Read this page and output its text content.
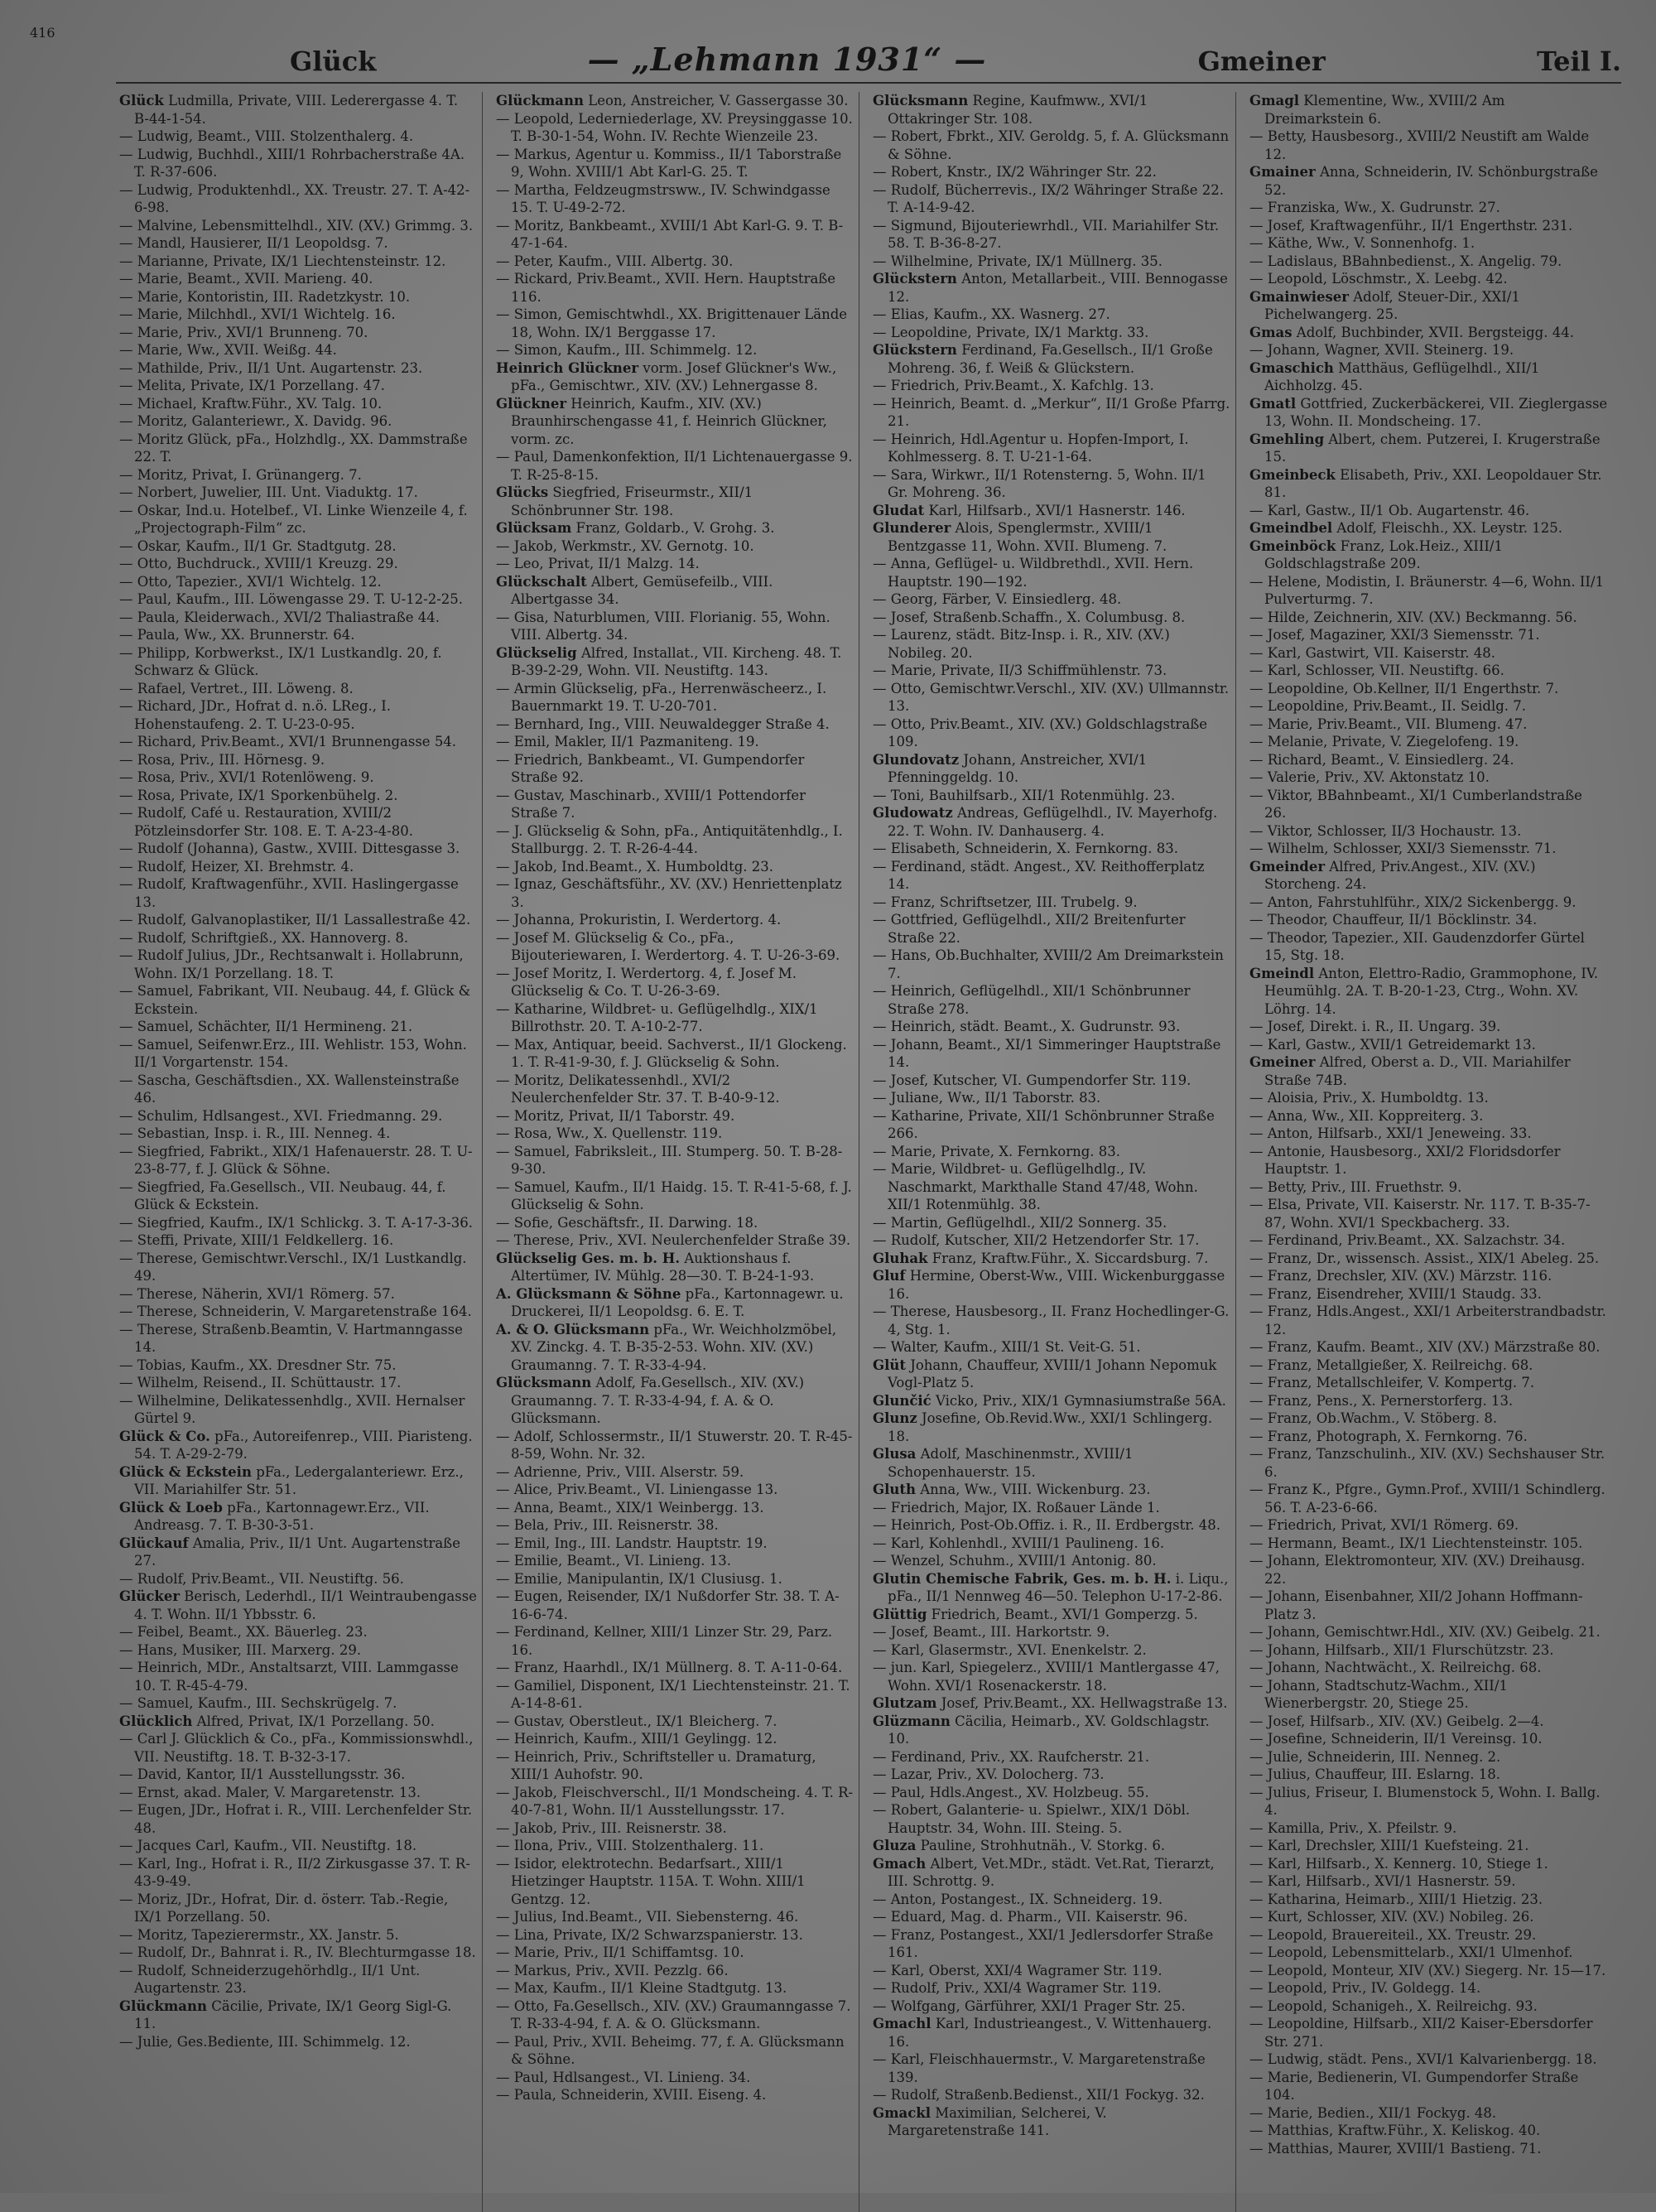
416
Glück	— „Lehmann 1931“ —	Gmeiner	Teil I.

Glück Ludmilla, Private, VIII. Lederergasse 4. T. B-44-1-54.

— Ludwig, Beamt., VIII. Stolzenthalerg. 4.

— Ludwig, Buchhdl., XIII/1 Rohrbacherstraße 4A. T. R-37-606.

— Ludwig, Produktenhdl., XX. Treustr. 27. T. A-42-6-98.

— Malvine, Lebensmittelhdl., XIV. (XV.) Grimmg. 3.

— Mandl, Hausierer, II/1 Leopoldsg. 7.

— Marianne, Private, IX/1 Liechtensteinstr. 12.

— Marie, Beamt., XVII. Marieng. 40.

— Marie, Kontoristin, III. Radetzkystr. 10.

— Marie, Milchhdl., XVI/1 Wichtelg. 16.

— Marie, Priv., XVI/1 Brunneng. 70.

— Marie, Ww., XVII. Weißg. 44.

— Mathilde, Priv., II/1 Unt. Augartenstr. 23.

— Melita, Private, IX/1 Porzellang. 47.

— Michael, Kraftw.Führ., XV. Talg. 10.

— Moritz, Galanteriewr., X. Davidg. 96.

— Moritz Glück, pFa., Holzhdlg., XX. Dammstraße 22. T.

— Moritz, Privat, I. Grünangerg. 7.

— Norbert, Juwelier, III. Unt. Viaduktg. 17.

— Oskar, Ind.u. Hotelbef., VI. Linke Wienzeile 4, f. „Projectograph-Film“ zc.

— Oskar, Kaufm., II/1 Gr. Stadtgutg. 28.

— Otto, Buchdruck., XVIII/1 Kreuzg. 29.

— Otto, Tapezier., XVI/1 Wichtelg. 12.

— Paul, Kaufm., III. Löwengasse 29. T. U-12-2-25.

— Paula, Kleiderwach., XVI/2 Thaliastraße 44.

— Paula, Ww., XX. Brunnerstr. 64.

— Philipp, Korbwerkst., IX/1 Lustkandlg. 20, f. Schwarz & Glück.

— Rafael, Vertret., III. Löweng. 8.

— Richard, JDr., Hofrat d. n.ö. LReg., I. Hohenstaufeng. 2. T. U-23-0-95.

— Richard, Priv.Beamt., XVI/1 Brunnengasse 54.

— Rosa, Priv., III. Hörnesg. 9.

— Rosa, Priv., XVI/1 Rotenlöweng. 9.

— Rosa, Private, IX/1 Sporkenbühelg. 2.

— Rudolf, Café u. Restauration, XVIII/2 Pötzleinsdorfer Str. 108. E. T. A-23-4-80.

— Rudolf (Johanna), Gastw., XVIII. Dittesgasse 3.

— Rudolf, Heizer, XI. Brehmstr. 4.

— Rudolf, Kraftwagenführ., XVII. Haslingergasse 13.

— Rudolf, Galvanoplastiker, II/1 Lassallestraße 42.

— Rudolf, Schriftgieß., XX. Hannoverg. 8.

— Rudolf Julius, JDr., Rechtsanwalt i. Hollabrunn, Wohn. IX/1 Porzellang. 18. T.

— Samuel, Fabrikant, VII. Neubaug. 44, f. Glück & Eckstein.

— Samuel, Schächter, II/1 Hermineng. 21.

— Samuel, Seifenwr.Erz., III. Wehlistr. 153, Wohn. II/1 Vorgartenstr. 154.

— Sascha, Geschäftsdien., XX. Wallensteinstraße 46.

— Schulim, Hdlsangest., XVI. Friedmanng. 29.

— Sebastian, Insp. i. R., III. Nenneg. 4.

— Siegfried, Fabrikt., XIX/1 Hafenauerstr. 28. T. U-23-8-77, f. J. Glück & Söhne.

— Siegfried, Fa.Gesellsch., VII. Neubaug. 44, f. Glück & Eckstein.

— Siegfried, Kaufm., IX/1 Schlickg. 3. T. A-17-3-36.

— Steffi, Private, XIII/1 Feldkellerg. 16.

— Therese, Gemischtwr.Verschl., IX/1 Lustkandlg. 49.

— Therese, Näherin, XVI/1 Römerg. 57.

— Therese, Schneiderin, V. Margaretenstraße 164.

— Therese, Straßenb.Beamtin, V. Hartmanngasse 14.

— Tobias, Kaufm., XX. Dresdner Str. 75.

— Wilhelm, Reisend., II. Schüttaustr. 17.

— Wilhelmine, Delikatessenhdlg., XVII. Hernalser Gürtel 9.

Glück & Co. pFa., Autoreifenrep., VIII. Piaristeng. 54. T. A-29-2-79.

Glück & Eckstein pFa., Ledergalanteriewr. Erz., VII. Mariahilfer Str. 51.

Glück & Loeb pFa., Kartonnagewr.Erz., VII. Andreasg. 7. T. B-30-3-51.

Glückauf Amalia, Priv., II/1 Unt. Augartenstraße 27.

— Rudolf, Priv.Beamt., VII. Neustiftg. 56.

Glücker Berisch, Lederhdl., II/1 Weintraubengasse 4. T. Wohn. II/1 Ybbsstr. 6.

— Feibel, Beamt., XX. Bäuerleg. 23.

— Hans, Musiker, III. Marxerg. 29.

— Heinrich, MDr., Anstaltsarzt, VIII. Lammgasse 10. T. R-45-4-79.

— Samuel, Kaufm., III. Sechskrügelg. 7.

Glücklich Alfred, Privat, IX/1 Porzellang. 50.

— Carl J. Glücklich & Co., pFa., Kommissionswhdl., VII. Neustiftg. 18. T. B-32-3-17.

— David, Kantor, II/1 Ausstellungsstr. 36.

— Ernst, akad. Maler, V. Margaretenstr. 13.

— Eugen, JDr., Hofrat i. R., VIII. Lerchenfelder Str. 48.

— Jacques Carl, Kaufm., VII. Neustiftg. 18.

— Karl, Ing., Hofrat i. R., II/2 Zirkusgasse 37. T. R-43-9-49.

— Moriz, JDr., Hofrat, Dir. d. österr. Tab.-Regie, IX/1 Porzellang. 50.

— Moritz, Tapezierermstr., XX. Janstr. 5.

— Rudolf, Dr., Bahnrat i. R., IV. Blechturmgasse 18.

— Rudolf, Schneiderzugehörhdlg., II/1 Unt. Augartenstr. 23.

Glückmann Cäcilie, Private, IX/1 Georg Sigl-G. 11.

— Julie, Ges.Bediente, III. Schimmelg. 12.

Glückmann Leon, Anstreicher, V. Gassergasse 30.

— Leopold, Lederniederlage, XV. Preysinggasse 10. T. B-30-1-54, Wohn. IV. Rechte Wienzeile 23.

— Markus, Agentur u. Kommiss., II/1 Taborstraße 9, Wohn. XVIII/1 Abt Karl-G. 25. T.

— Martha, Feldzeugmstrsww., IV. Schwindgasse 15. T. U-49-2-72.

— Moritz, Bankbeamt., XVIII/1 Abt Karl-G. 9. T. B-47-1-64.

— Peter, Kaufm., VIII. Albertg. 30.

— Rickard, Priv.Beamt., XVII. Hern. Hauptstraße 116.

— Simon, Gemischtwhdl., XX. Brigittenauer Lände 18, Wohn. IX/1 Berggasse 17.

— Simon, Kaufm., III. Schimmelg. 12.

Heinrich Glückner vorm. Josef Glückner's Ww., pFa., Gemischtwr., XIV. (XV.) Lehnergasse 8.

Glückner Heinrich, Kaufm., XIV. (XV.) Braunhirschengasse 41, f. Heinrich Glückner, vorm. zc.

— Paul, Damenkonfektion, II/1 Lichtenauergasse 9. T. R-25-8-15.

Glücks Siegfried, Friseurmstr., XII/1 Schönbrunner Str. 198.

Glücksam Franz, Goldarb., V. Grohg. 3.

— Jakob, Werkmstr., XV. Gernotg. 10.

— Leo, Privat, II/1 Malzg. 14.

Glückschalt Albert, Gemüsefeilb., VIII. Albertgasse 34.

— Gisa, Naturblumen, VIII. Florianig. 55, Wohn. VIII. Albertg. 34.

Glückselig Alfred, Installat., VII. Kircheng. 48. T. B-39-2-29, Wohn. VII. Neustiftg. 143.

— Armin Glückselig, pFa., Herrenwäscheerz., I. Bauernmarkt 19. T. U-20-701.

— Bernhard, Ing., VIII. Neuwaldegger Straße 4.

— Emil, Makler, II/1 Pazmaniteng. 19.

— Friedrich, Bankbeamt., VI. Gumpendorfer Straße 92.

— Gustav, Maschinarb., XVIII/1 Pottendorfer Straße 7.

— J. Glückselig & Sohn, pFa., Antiquitätenhdlg., I. Stallburgg. 2. T. R-26-4-44.

— Jakob, Ind.Beamt., X. Humboldtg. 23.

— Ignaz, Geschäftsführ., XV. (XV.) Henriettenplatz 3.

— Johanna, Prokuristin, I. Werdertorg. 4.

— Josef M. Glückselig & Co., pFa., Bijouteriewaren, I. Werdertorg. 4. T. U-26-3-69.

— Josef Moritz, I. Werdertorg. 4, f. Josef M. Glückselig & Co. T. U-26-3-69.

— Katharine, Wildbret- u. Geflügelhdlg., XIX/1 Billrothstr. 20. T. A-10-2-77.

— Max, Antiquar, beeid. Sachverst., II/1 Glockeng. 1. T. R-41-9-30, f. J. Glückselig & Sohn.

— Moritz, Delikatessenhdl., XVI/2 Neulerchenfelder Str. 37. T. B-40-9-12.

— Moritz, Privat, II/1 Taborstr. 49.

— Rosa, Ww., X. Quellenstr. 119.

— Samuel, Fabriksleit., III. Stumperg. 50. T. B-28-9-30.

— Samuel, Kaufm., II/1 Haidg. 15. T. R-41-5-68, f. J. Glückselig & Sohn.

— Sofie, Geschäftsfr., II. Darwing. 18.

— Therese, Priv., XVI. Neulerchenfelder Straße 39.

Glückselig Ges. m. b. H. Auktionshaus f. Altertümer, IV. Mühlg. 28—30. T. B-24-1-93.

A. Glücksmann & Söhne pFa., Kartonnagewr. u. Druckerei, II/1 Leopoldsg. 6. E. T.

A. & O. Glücksmann pFa., Wr. Weichholzmöbel, XV. Zinckg. 4. T. B-35-2-53. Wohn. XIV. (XV.) Graumanng. 7. T. R-33-4-94.

Glücksmann Adolf, Fa.Gesellsch., XIV. (XV.) Graumanng. 7. T. R-33-4-94, f. A. & O. Glücksmann.

— Adolf, Schlossermstr., II/1 Stuwerstr. 20. T. R-45-8-59, Wohn. Nr. 32.

— Adrienne, Priv., VIII. Alserstr. 59.

— Alice, Priv.Beamt., VI. Liniengasse 13.

— Anna, Beamt., XIX/1 Weinbergg. 13.

— Bela, Priv., III. Reisnerstr. 38.

— Emil, Ing., III. Landstr. Hauptstr. 19.

— Emilie, Beamt., VI. Linieng. 13.

— Emilie, Manipulantin, IX/1 Clusiusg. 1.

— Eugen, Reisender, IX/1 Nußdorfer Str. 38. T. A-16-6-74.

— Ferdinand, Kellner, XIII/1 Linzer Str. 29, Parz. 16.

— Franz, Haarhdl., IX/1 Müllnerg. 8. T. A-11-0-64.

— Gamiliel, Disponent, IX/1 Liechtensteinstr. 21. T. A-14-8-61.

— Gustav, Oberstleut., IX/1 Bleicherg. 7.

— Heinrich, Kaufm., XIII/1 Geylingg. 12.

— Heinrich, Priv., Schriftsteller u. Dramaturg, XIII/1 Auhofstr. 90.

— Jakob, Fleischverschl., II/1 Mondscheing. 4. T. R-40-7-81, Wohn. II/1 Ausstellungsstr. 17.

— Jakob, Priv., III. Reisnerstr. 38.

— Ilona, Priv., VIII. Stolzenthalerg. 11.

— Isidor, elektrotechn. Bedarfsart., XIII/1 Hietzinger Hauptstr. 115A. T. Wohn. XIII/1 Gentzg. 12.

— Julius, Ind.Beamt., VII. Siebensterng. 46.

— Lina, Private, IX/2 Schwarzspanierstr. 13.

— Marie, Priv., II/1 Schiffamtsg. 10.

— Markus, Priv., XVII. Pezzlg. 66.

— Max, Kaufm., II/1 Kleine Stadtgutg. 13.

— Otto, Fa.Gesellsch., XIV. (XV.) Graumanngasse 7. T. R-33-4-94, f. A. & O. Glücksmann.

— Paul, Priv., XVII. Beheimg. 77, f. A. Glücksmann & Söhne.

— Paul, Hdlsangest., VI. Linieng. 34.

— Paula, Schneiderin, XVIII. Eiseng. 4.

Glücksmann Regine, Kaufmww., XVI/1 Ottakringer Str. 108.

— Robert, Fbrkt., XIV. Geroldg. 5, f. A. Glücksmann & Söhne.

— Robert, Knstr., IX/2 Währinger Str. 22.

— Rudolf, Bücherrevis., IX/2 Währinger Straße 22. T. A-14-9-42.

— Sigmund, Bijouteriewrhdl., VII. Mariahilfer Str. 58. T. B-36-8-27.

— Wilhelmine, Private, IX/1 Müllnerg. 35.

Glückstern Anton, Metallarbeit., VIII. Bennogasse 12.

— Elias, Kaufm., XX. Wasnerg. 27.

— Leopoldine, Private, IX/1 Marktg. 33.

Glückstern Ferdinand, Fa.Gesellsch., II/1 Große Mohreng. 36, f. Weiß & Glückstern.

— Friedrich, Priv.Beamt., X. Kafchlg. 13.

— Heinrich, Beamt. d. „Merkur“, II/1 Große Pfarrg. 21.

— Heinrich, Hdl.Agentur u. Hopfen-Import, I. Kohlmesserg. 8. T. U-21-1-64.

— Sara, Wirkwr., II/1 Rotensterng. 5, Wohn. II/1 Gr. Mohreng. 36.

Gludat Karl, Hilfsarb., XVI/1 Hasnerstr. 146.

Glunderer Alois, Spenglermstr., XVIII/1 Bentzgasse 11, Wohn. XVII. Blumeng. 7.

— Anna, Geflügel- u. Wildbrethdl., XVII. Hern. Hauptstr. 190—192.

— Georg, Färber, V. Einsiedlerg. 48.

— Josef, Straßenb.Schaffn., X. Columbusg. 8.

— Laurenz, städt. Bitz-Insp. i. R., XIV. (XV.) Nobileg. 20.

— Marie, Private, II/3 Schiffmühlenstr. 73.

— Otto, Gemischtwr.Verschl., XIV. (XV.) Ullmannstr. 13.

— Otto, Priv.Beamt., XIV. (XV.) Goldschlagstraße 109.

Glundovatz Johann, Anstreicher, XVI/1 Pfenninggeldg. 10.

— Toni, Bauhilfsarb., XII/1 Rotenmühlg. 23.

Gludowatz Andreas, Geflügelhdl., IV. Mayerhofg. 22. T. Wohn. IV. Danhauserg. 4.

— Elisabeth, Schneiderin, X. Fernkorng. 83.

— Ferdinand, städt. Angest., XV. Reithofferplatz 14.

— Franz, Schriftsetzer, III. Trubelg. 9.

— Gottfried, Geflügelhdl., XII/2 Breitenfurter Straße 22.

— Hans, Ob.Buchhalter, XVIII/2 Am Dreimarkstein 7.

— Heinrich, Geflügelhdl., XII/1 Schönbrunner Straße 278.

— Heinrich, städt. Beamt., X. Gudrunstr. 93.

— Johann, Beamt., XI/1 Simmeringer Hauptstraße 14.

— Josef, Kutscher, VI. Gumpendorfer Str. 119.

— Juliane, Ww., II/1 Taborstr. 83.

— Katharine, Private, XII/1 Schönbrunner Straße 266.

— Marie, Private, X. Fernkorng. 83.

— Marie, Wildbret- u. Geflügelhdlg., IV. Naschmarkt, Markthalle Stand 47/48, Wohn. XII/1 Rotenmühlg. 38.

— Martin, Geflügelhdl., XII/2 Sonnerg. 35.

— Rudolf, Kutscher, XII/2 Hetzendorfer Str. 17.

Gluhak Franz, Kraftw.Führ., X. Siccardsburg. 7.

Gluf Hermine, Oberst-Ww., VIII. Wickenburggasse 16.

— Therese, Hausbesorg., II. Franz Hochedlinger-G. 4, Stg. 1.

— Walter, Kaufm., XIII/1 St. Veit-G. 51.

Glüt Johann, Chauffeur, XVIII/1 Johann Nepomuk Vogl-Platz 5.

Glunčić Vicko, Priv., XIX/1 Gymnasiumstraße 56A.

Glunz Josefine, Ob.Revid.Ww., XXI/1 Schlingerg. 18.

Glusa Adolf, Maschinenmstr., XVIII/1 Schopenhauerstr. 15.

Gluth Anna, Ww., VIII. Wickenburg. 23.

— Friedrich, Major, IX. Roßauer Lände 1.

— Heinrich, Post-Ob.Offiz. i. R., II. Erdbergstr. 48.

— Karl, Kohlenhdl., XVIII/1 Paulineng. 16.

— Wenzel, Schuhm., XVIII/1 Antonig. 80.

Glutin Chemische Fabrik, Ges. m. b. H. i. Liqu., pFa., II/1 Nennweg 46—50. Telephon U-17-2-86.

Glüttig Friedrich, Beamt., XVI/1 Gomperzg. 5.

— Josef, Beamt., III. Harkortstr. 9.

— Karl, Glasermstr., XVI. Enenkelstr. 2.

— jun. Karl, Spiegelerz., XVIII/1 Mantlergasse 47, Wohn. XVI/1 Rosenackerstr. 18.

Glutzam Josef, Priv.Beamt., XX. Hellwagstraße 13.

Glüzmann Cäcilia, Heimarb., XV. Goldschlagstr. 10.

— Ferdinand, Priv., XX. Raufcherstr. 21.

— Lazar, Priv., XV. Dolocherg. 73.

— Paul, Hdls.Angest., XV. Holzbeug. 55.

— Robert, Galanterie- u. Spielwr., XIX/1 Döbl. Hauptstr. 34, Wohn. III. Steing. 5.

Gluza Pauline, Strohhutnäh., V. Storkg. 6.

Gmach Albert, Vet.MDr., städt. Vet.Rat, Tierarzt, III. Schrottg. 9.

— Anton, Postangest., IX. Schneiderg. 19.

— Eduard, Mag. d. Pharm., VII. Kaiserstr. 96.

— Franz, Postangest., XXI/1 Jedlersdorfer Straße 161.

— Karl, Oberst, XXI/4 Wagramer Str. 119.

— Rudolf, Priv., XXI/4 Wagramer Str. 119.

— Wolfgang, Gärführer, XXI/1 Prager Str. 25.

Gmachl Karl, Industrieangest., V. Wittenhauerg. 16.

— Karl, Fleischhauermstr., V. Margaretenstraße 139.

— Rudolf, Straßenb.Bedienst., XII/1 Fockyg. 32.

Gmackl Maximilian, Selcherei, V. Margaretenstraße 141.

Gmagl Klementine, Ww., XVIII/2 Am Dreimarkstein 6.

— Betty, Hausbesorg., XVIII/2 Neustift am Walde 12.

Gmainer Anna, Schneiderin, IV. Schönburgstraße 52.

— Franziska, Ww., X. Gudrunstr. 27.

— Josef, Kraftwagenführ., II/1 Engerthstr. 231.

— Käthe, Ww., V. Sonnenhofg. 1.

— Ladislaus, BBahnbedienst., X. Angelig. 79.

— Leopold, Löschmstr., X. Leebg. 42.

Gmainwieser Adolf, Steuer-Dir., XXI/1 Pichelwangerg. 25.

Gmas Adolf, Buchbinder, XVII. Bergsteigg. 44.

— Johann, Wagner, XVII. Steinerg. 19.

Gmaschich Matthäus, Geflügelhdl., XII/1 Aichholzg. 45.

Gmatl Gottfried, Zuckerbäckerei, VII. Zieglergasse 13, Wohn. II. Mondscheing. 17.

Gmehling Albert, chem. Putzerei, I. Krugerstraße 15.

Gmeinbeck Elisabeth, Priv., XXI. Leopoldauer Str. 81.

— Karl, Gastw., II/1 Ob. Augartenstr. 46.

Gmeindbel Adolf, Fleischh., XX. Leystr. 125.

Gmeinböck Franz, Lok.Heiz., XIII/1 Goldschlagstraße 209.

— Helene, Modistin, I. Bräunerstr. 4—6, Wohn. II/1 Pulverturmg. 7.

— Hilde, Zeichnerin, XIV. (XV.) Beckmanng. 56.

— Josef, Magaziner, XXI/3 Siemensstr. 71.

— Karl, Gastwirt, VII. Kaiserstr. 48.

— Karl, Schlosser, VII. Neustiftg. 66.

— Leopoldine, Ob.Kellner, II/1 Engerthstr. 7.

— Leopoldine, Priv.Beamt., II. Seidlg. 7.

— Marie, Priv.Beamt., VII. Blumeng. 47.

— Melanie, Private, V. Ziegelofeng. 19.

— Richard, Beamt., V. Einsiedlerg. 24.

— Valerie, Priv., XV. Aktonstatz 10.

— Viktor, BBahnbeamt., XI/1 Cumberlandstraße 26.

— Viktor, Schlosser, II/3 Hochaustr. 13.

— Wilhelm, Schlosser, XXI/3 Siemensstr. 71.

Gmeinder Alfred, Priv.Angest., XIV. (XV.) Storcheng. 24.

— Anton, Fahrstuhlführ., XIX/2 Sickenbergg. 9.

— Theodor, Chauffeur, II/1 Böcklinstr. 34.

— Theodor, Tapezier., XII. Gaudenzdorfer Gürtel 15, Stg. 18.

Gmeindl Anton, Elettro-Radio, Grammophone, IV. Heumühlg. 2A. T. B-20-1-23, Ctrg., Wohn. XV. Löhrg. 14.

— Josef, Direkt. i. R., II. Ungarg. 39.

— Karl, Gastw., XVII/1 Getreidemarkt 13.

Gmeiner Alfred, Oberst a. D., VII. Mariahilfer Straße 74B.

— Aloisia, Priv., X. Humboldtg. 13.

— Anna, Ww., XII. Koppreiterg. 3.

— Anton, Hilfsarb., XXI/1 Jeneweing. 33.

— Antonie, Hausbesorg., XXI/2 Floridsdorfer Hauptstr. 1.

— Betty, Priv., III. Fruethstr. 9.

— Elsa, Private, VII. Kaiserstr. Nr. 117. T. B-35-7-87, Wohn. XVI/1 Speckbacherg. 33.

— Ferdinand, Priv.Beamt., XX. Salzachstr. 34.

— Franz, Dr., wissensch. Assist., XIX/1 Abeleg. 25.

— Franz, Drechsler, XIV. (XV.) Märzstr. 116.

— Franz, Eisendreher, XVIII/1 Staudg. 33.

— Franz, Hdls.Angest., XXI/1 Arbeiterstrandbadstr. 12.

— Franz, Kaufm. Beamt., XIV (XV.) Märzstraße 80.

— Franz, Metallgießer, X. Reilreichg. 68.

— Franz, Metallschleifer, V. Kompertg. 7.

— Franz, Pens., X. Pernerstorferg. 13.

— Franz, Ob.Wachm., V. Stöberg. 8.

— Franz, Photograph, X. Fernkorng. 76.

— Franz, Tanzschulinh., XIV. (XV.) Sechshauser Str. 6.

— Franz K., Pfgre., Gymn.Prof., XVIII/1 Schindlerg. 56. T. A-23-6-66.

— Friedrich, Privat, XVI/1 Römerg. 69.

— Hermann, Beamt., IX/1 Liechtensteinstr. 105.

— Johann, Elektromonteur, XIV. (XV.) Dreihausg. 22.

— Johann, Eisenbahner, XII/2 Johann Hoffmann-Platz 3.

— Johann, Gemischtwr.Hdl., XIV. (XV.) Geibelg. 21.

— Johann, Hilfsarb., XII/1 Flurschützstr. 23.

— Johann, Nachtwächt., X. Reilreichg. 68.

— Johann, Stadtschutz-Wachm., XII/1 Wienerbergstr. 20, Stiege 25.

— Josef, Hilfsarb., XIV. (XV.) Geibelg. 2—4.

— Josefine, Schneiderin, II/1 Vereinsg. 10.

— Julie, Schneiderin, III. Nenneg. 2.

— Julius, Chauffeur, III. Eslarng. 18.

— Julius, Friseur, I. Blumenstock 5, Wohn. I. Ballg. 4.

— Kamilla, Priv., X. Pfeilstr. 9.

— Karl, Drechsler, XIII/1 Kuefsteing. 21.

— Karl, Hilfsarb., X. Kennerg. 10, Stiege 1.

— Karl, Hilfsarb., XVI/1 Hasnerstr. 59.

— Katharina, Heimarb., XIII/1 Hietzig. 23.

— Kurt, Schlosser, XIV. (XV.) Nobileg. 26.

— Leopold, Brauereiteil., XX. Treustr. 29.

— Leopold, Lebensmittelarb., XXI/1 Ulmenhof.

— Leopold, Monteur, XIV (XV.) Siegerg. Nr. 15—17.

— Leopold, Priv., IV. Goldegg. 14.

— Leopold, Schanigeh., X. Reilreichg. 93.

— Leopoldine, Hilfsarb., XII/2 Kaiser-Ebersdorfer Str. 271.

— Ludwig, städt. Pens., XVI/1 Kalvarienbergg. 18.

— Marie, Bedienerin, VI. Gumpendorfer Straße 104.

— Marie, Bedien., XII/1 Fockyg. 48.

— Matthias, Kraftw.Führ., X. Keliskog. 40.

— Matthias, Maurer, XVIII/1 Bastieng. 71.
